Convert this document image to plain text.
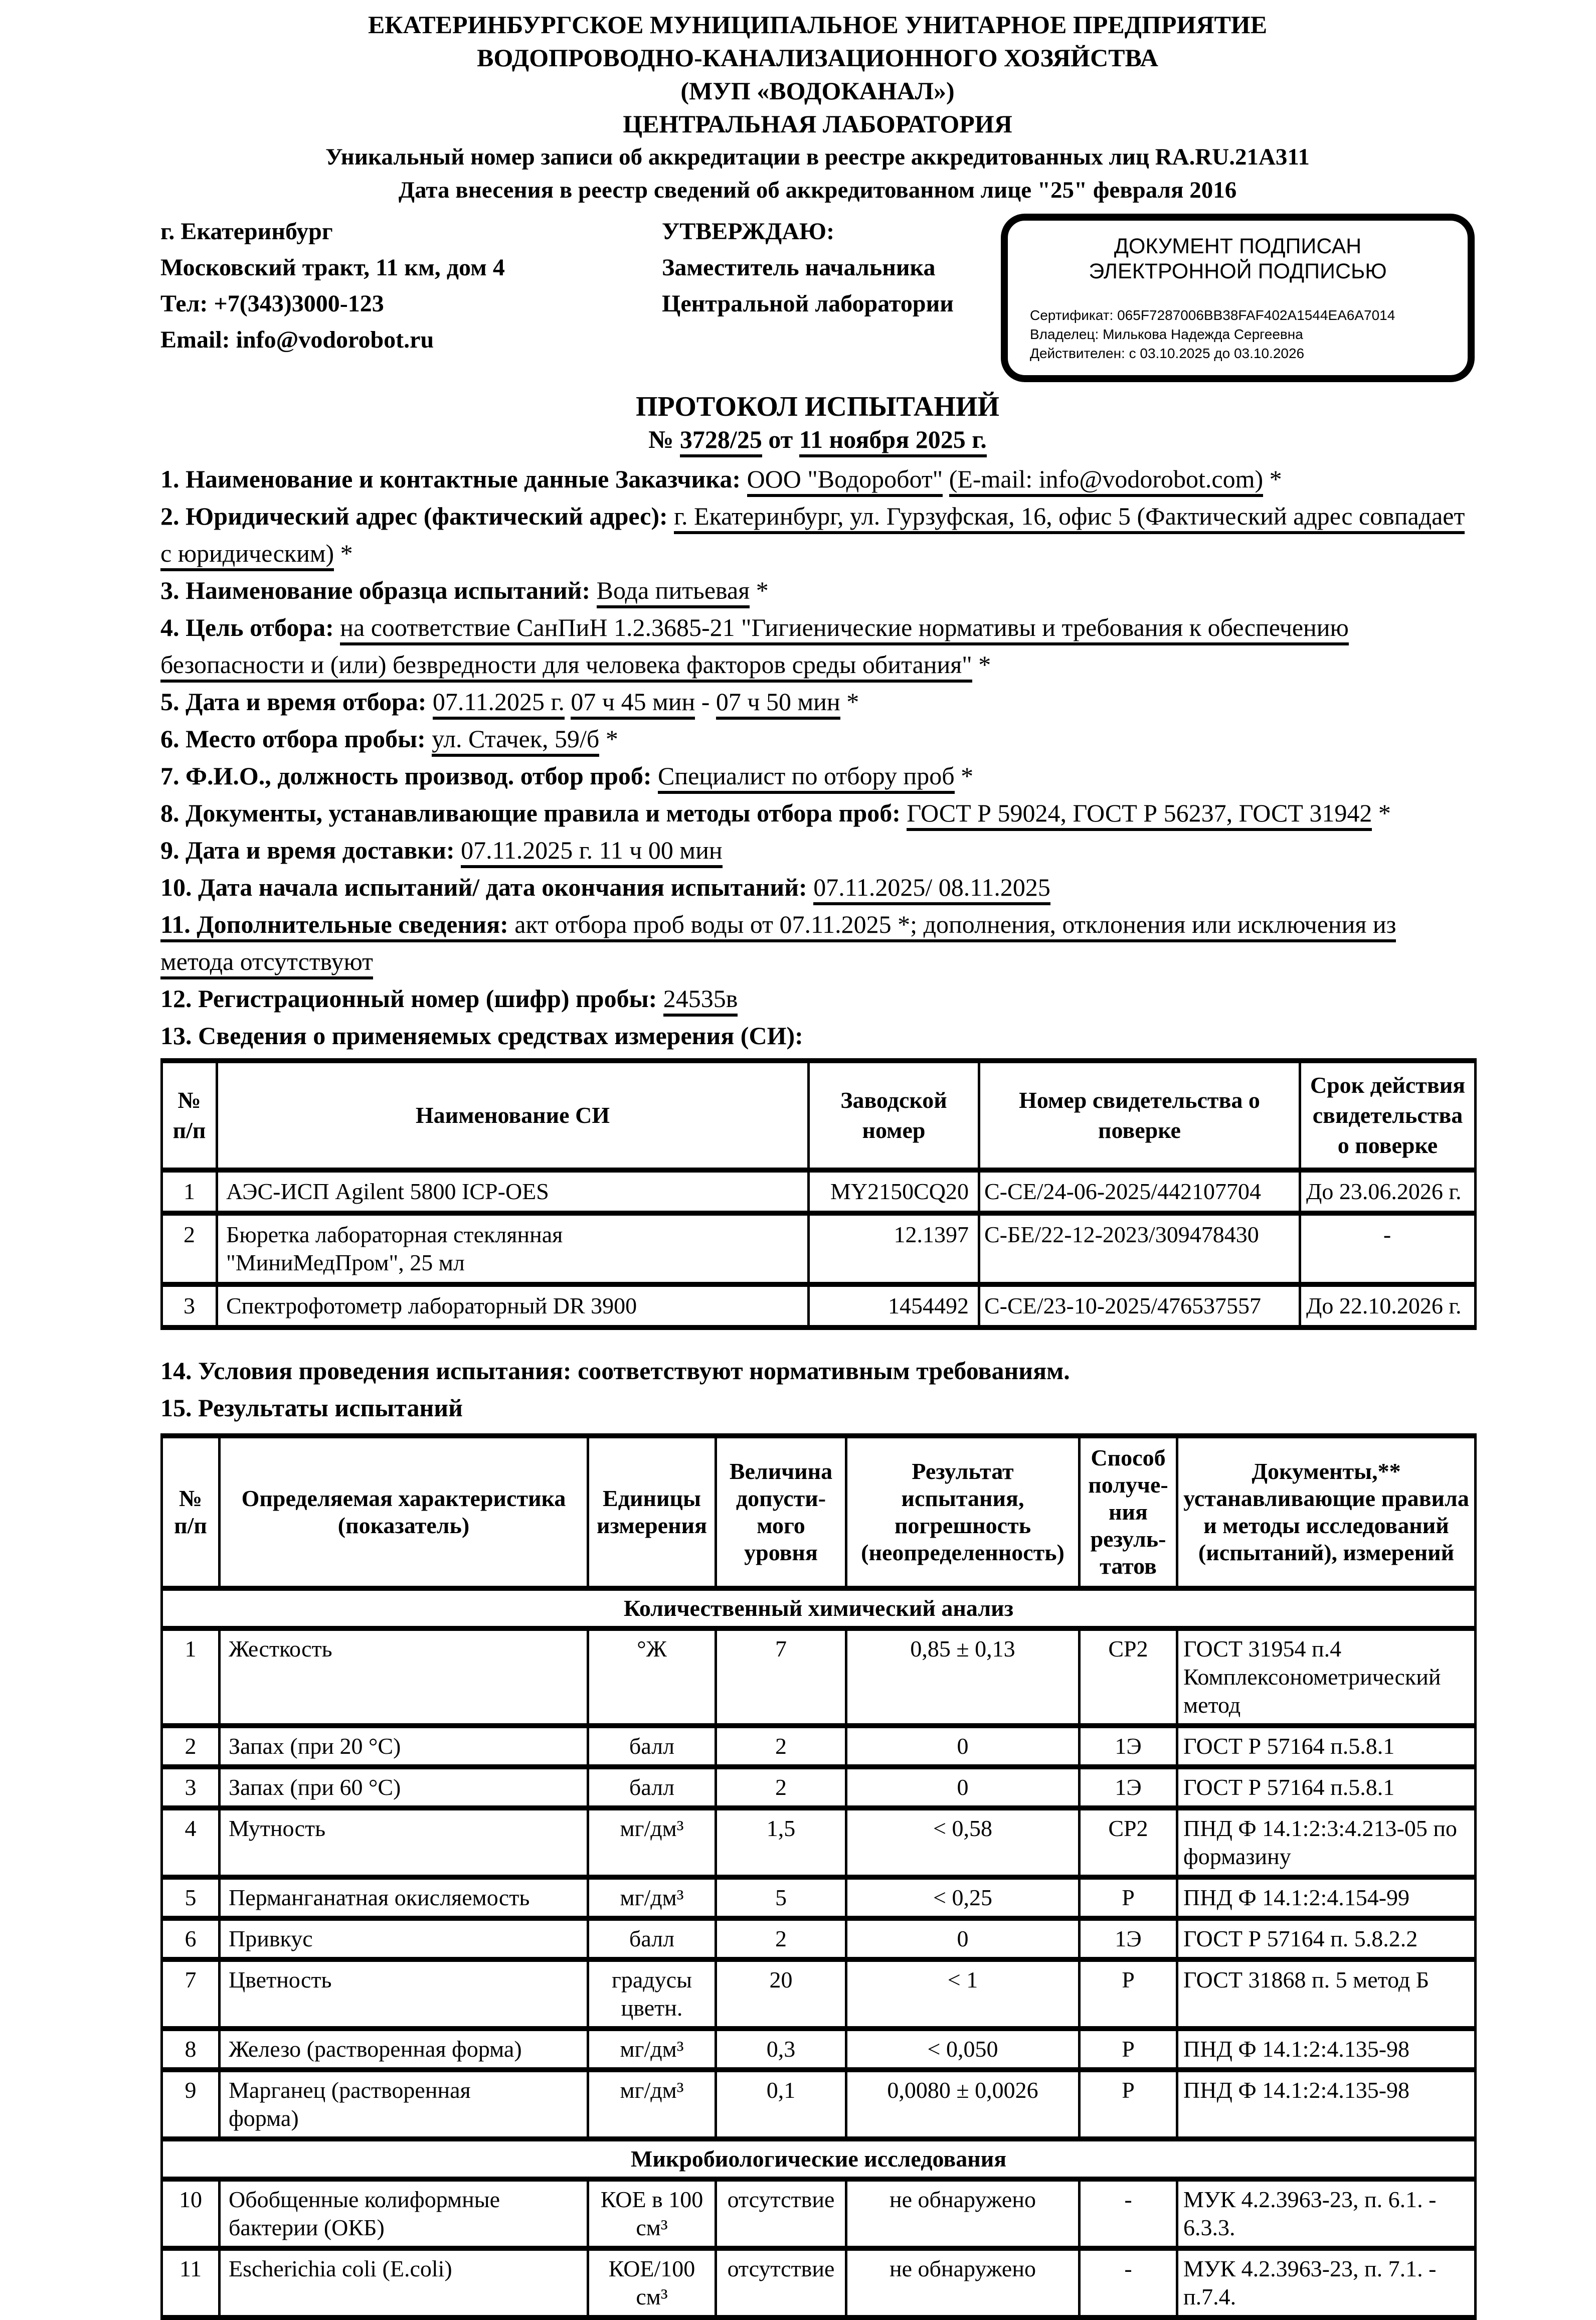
ЕКАТЕРИНБУРГСКОЕ МУНИЦИПАЛЬНОЕ УНИТАРНОЕ ПРЕДПРИЯТИЕ
ВОДОПРОВОДНО-КАНАЛИЗАЦИОННОГО ХОЗЯЙСТВА
(МУП «ВОДОКАНАЛ»)
ЦЕНТРАЛЬНАЯ ЛАБОРАТОРИЯ
Уникальный номер записи об аккредитации в реестре аккредитованных лиц RA.RU.21A311
Дата внесения в реестр сведений об аккредитованном лице "25" февраля 2016
г. Екатеринбург
Московский тракт, 11 км, дом 4
Тел: +7(343)3000-123
Email: info@vodorobot.ru
УТВЕРЖДАЮ:
Заместитель начальника
Центральной лаборатории
ДОКУМЕНТ ПОДПИСАН
ЭЛЕКТРОННОЙ ПОДПИСЬЮ
Сертификат: 065F7287006BB38FAF402A1544EA6A7014
Владелец: Милькова Надежда Сергеевна
Действителен: с 03.10.2025 до 03.10.2026
ПРОТОКОЛ ИСПЫТАНИЙ
№ 3728/25 от 11 ноября 2025 г.

1. Наименование и контактные данные Заказчика: ООО "Водоробот" (E-mail: info@vodorobot.com) *

2. Юридический адрес (фактический адрес): г. Екатеринбург, ул. Гурзуфская, 16, офис 5 (Фактический адрес совпадает с юридическим) *

3. Наименование образца испытаний: Вода питьевая *

4. Цель отбора: на соответствие СанПиН 1.2.3685-21 "Гигиенические нормативы и требования к обеспечению безопасности и (или) безвредности для человека факторов среды обитания" *

5. Дата и время отбора: 07.11.2025 г. 07 ч 45 мин - 07 ч 50 мин *

6. Место отбора пробы: ул. Стачек, 59/б *

7. Ф.И.О., должность производ. отбор проб: Специалист по отбору проб *

8. Документы, устанавливающие правила и методы отбора проб: ГОСТ Р 59024, ГОСТ Р 56237, ГОСТ 31942 *

9. Дата и время доставки: 07.11.2025 г. 11 ч 00 мин

10. Дата начала испытаний/ дата окончания испытаний: 07.11.2025/ 08.11.2025

11. Дополнительные сведения: акт отбора проб воды от 07.11.2025 *; дополнения, отклонения или исключения из метода отсутствуют

12. Регистрационный номер (шифр) пробы: 24535в

13. Сведения о применяемых средствах измерения (СИ):

№
п/п	Наименование СИ	Заводской
номер	Номер свидетельства о
поверке	Срок действия
свидетельства
о поверке
1	АЭС-ИСП Agilent 5800 ICP-OES	MY2150CQ20	С-СЕ/24-06-2025/442107704	До 23.06.2026 г.
2	Бюретка лабораторная стеклянная
"МиниМедПром", 25 мл	12.1397	С-БЕ/22-12-2023/309478430	-
3	Спектрофотометр лабораторный DR 3900	1454492	С-СЕ/23-10-2025/476537557	До 22.10.2026 г.

14. Условия проведения испытания: соответствуют нормативным требованиям.

15. Результаты испытаний

№
п/п	Определяемая характеристика
(показатель)	Единицы
измерения	Величина
допусти-
мого
уровня	Результат
испытания,
погрешность
(неопределенность)	Способ
получе-
ния
резуль-
татов	Документы,**
устанавливающие правила
и методы исследований
(испытаний), измерений
Количественный химический анализ						
1	Жесткость	°Ж	7	0,85 ± 0,13	СР2	ГОСТ 31954 п.4
Комплексонометрический
метод
2	Запах (при 20 °С)	балл	2	0	1Э	ГОСТ Р 57164 п.5.8.1
3	Запах (при 60 °С)	балл	2	0	1Э	ГОСТ Р 57164 п.5.8.1
4	Мутность	мг/дм³	1,5	< 0,58	СР2	ПНД Ф 14.1:2:3:4.213-05 по
формазину
5	Перманганатная окисляемость	мг/дм³	5	< 0,25	Р	ПНД Ф 14.1:2:4.154-99
6	Привкус	балл	2	0	1Э	ГОСТ Р 57164 п. 5.8.2.2
7	Цветность	градусы
цветн.	20	< 1	Р	ГОСТ 31868 п. 5 метод Б
8	Железо (растворенная форма)	мг/дм³	0,3	< 0,050	Р	ПНД Ф 14.1:2:4.135-98
9	Марганец (растворенная
форма)	мг/дм³	0,1	0,0080 ± 0,0026	Р	ПНД Ф 14.1:2:4.135-98
Микробиологические исследования						
10	Обобщенные колиформные
бактерии (ОКБ)	КОЕ в 100
см³	отсутствие	не обнаружено	-	МУК 4.2.3963-23, п. 6.1. -
6.3.3.
11	Escherichia coli (E.coli)	КОЕ/100
см³	отсутствие	не обнаружено	-	МУК 4.2.3963-23, п. 7.1. -
п.7.4.
